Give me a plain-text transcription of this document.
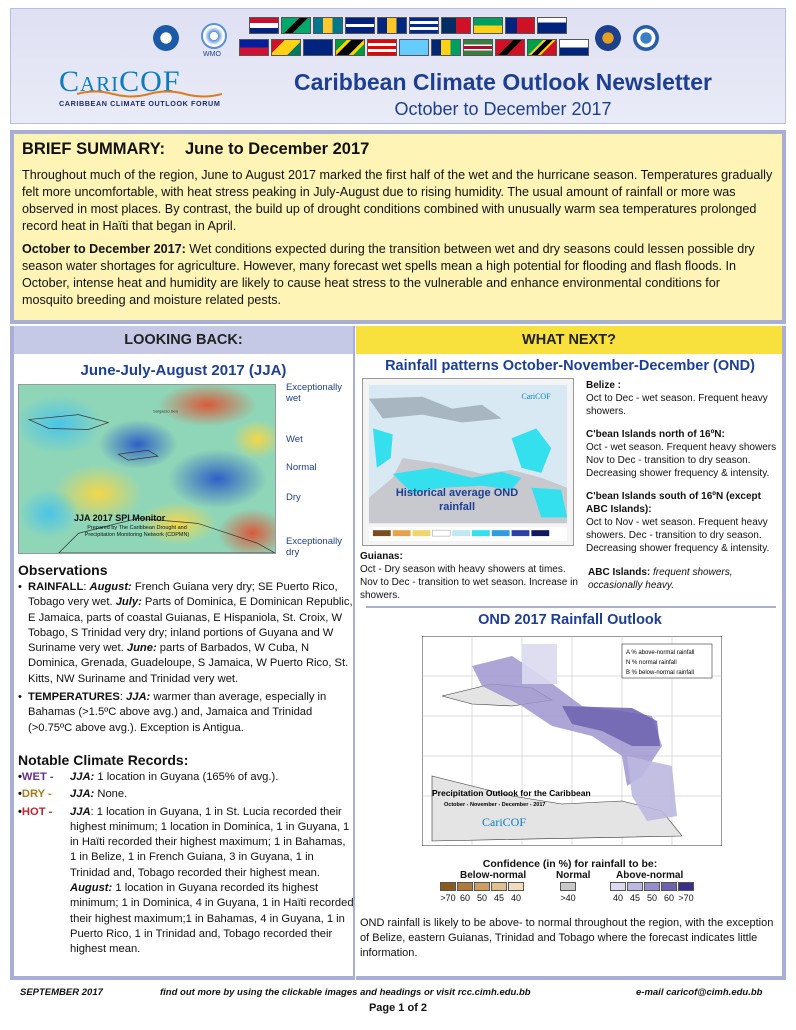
WMO
CariCOF
CARIBBEAN CLIMATE OUTLOOK FORUM
Caribbean Climate Outlook Newsletter
October to December 2017
BRIEF SUMMARY: June to December 2017

Throughout much of the region, June to August 2017 marked the first half of the wet and the hurricane season. Temperatures gradually felt more uncomfortable, with heat stress peaking in July-August due to rising humidity. The usual amount of rainfall or more was observed in most places. By contrast, the build up of drought conditions combined with unusually warm sea temperatures prolonged record heat in Haïti that began in April.

October to December 2017: Wet conditions expected during the transition between wet and dry seasons could lessen possible dry season water shortages for agriculture. However, many forecast wet spells mean a high potential for flooding and flash floods. In October, intense heat and humidity are likely to cause heat stress to the vulnerable and enhance environmental conditions for mosquito breeding and moisture related pests.

LOOKING BACK:
June-July-August 2017 (JJA)
Sargasso Sea
Exceptionally wet
Wet
Normal
Dry
Exceptionally dry
JJA 2017 SPI Monitor
Prepared by The Caribbean Drought and Precipitation Monitoring Network (CDPMN)
Observations
• RAINFALL: August: French Guiana very dry; SE Puerto Rico, Tobago very wet. July: Parts of Dominica, E Dominican Republic, E Jamaica, parts of coastal Guianas, E Hispaniola, St. Croix, W Tobago, S Trinidad very dry; inland portions of Guyana and W Suriname very wet. June: parts of Barbados, W Cuba, N Dominica, Grenada, Guadeloupe, S Jamaica, W Puerto Rico, St. Kitts, NW Suriname and Trinidad very wet.
• TEMPERATURES: JJA: warmer than average, especially in Bahamas (>1.5ºC above avg.) and, Jamaica and Trinidad (>0.75ºC above avg.). Exception is Antigua.
Notable Climate Records:
• WET - JJA: 1 location in Guyana (165% of avg.).
• DRY - JJA: None.
• HOT - JJA: 1 location in Guyana, 1 in St. Lucia recorded their highest minimum; 1 location in Dominica, 1 in Guyana, 1 in Haïti recorded their highest maximum; 1 in Bahamas, 1 in Belize, 1 in French Guiana, 3 in Guyana, 1 in Trinidad and, Tobago recorded their highest mean. August: 1 location in Guyana recorded its highest minimum; 1 in Dominica, 4 in Guyana, 1 in Haïti recorded their highest maximum;1 in Bahamas, 4 in Guyana, 1 in Puerto Rico, 1 in Trinidad and, Tobago recorded their highest mean.
WHAT NEXT?
Rainfall patterns October-November-December (OND)
CariCOF
Historical average OND rainfall
Belize :
Oct to Dec - wet season. Frequent heavy showers.
C'bean Islands north of 16ºN:
Oct - wet season. Frequent heavy showers Nov to Dec - transition to dry season. Decreasing shower frequency & intensity.
C'bean Islands south of 16ºN (except ABC Islands):
Oct to Nov - wet season. Frequent heavy showers. Dec - transition to dry season. Decreasing shower frequency & intensity.
Guianas:
Oct - Dry season with heavy showers at times. Nov to Dec - transition to wet season. Increase in showers.
ABC Islands: frequent showers, occasionally heavy.
OND 2017 Rainfall Outlook
A % above-normal rainfall
N % normal rainfall
B % below-normal rainfall
Precipitation Outlook for the Caribbean
October - November - December - 2017
CariCOF
Confidence (in %) for rainfall to be:
Below-normal	Normal	Above-normal
>70 60 50 45 40	>40	40 45 50 60 >70
OND rainfall is likely to be above- to normal throughout the region, with the exception of Belize, eastern Guianas, Trinidad and Tobago where the forecast indicates little information.
SEPTEMBER 2017	find out more by using the clickable images and headings or visit rcc.cimh.edu.bb	e-mail caricof@cimh.edu.bb
Page 1 of 2
